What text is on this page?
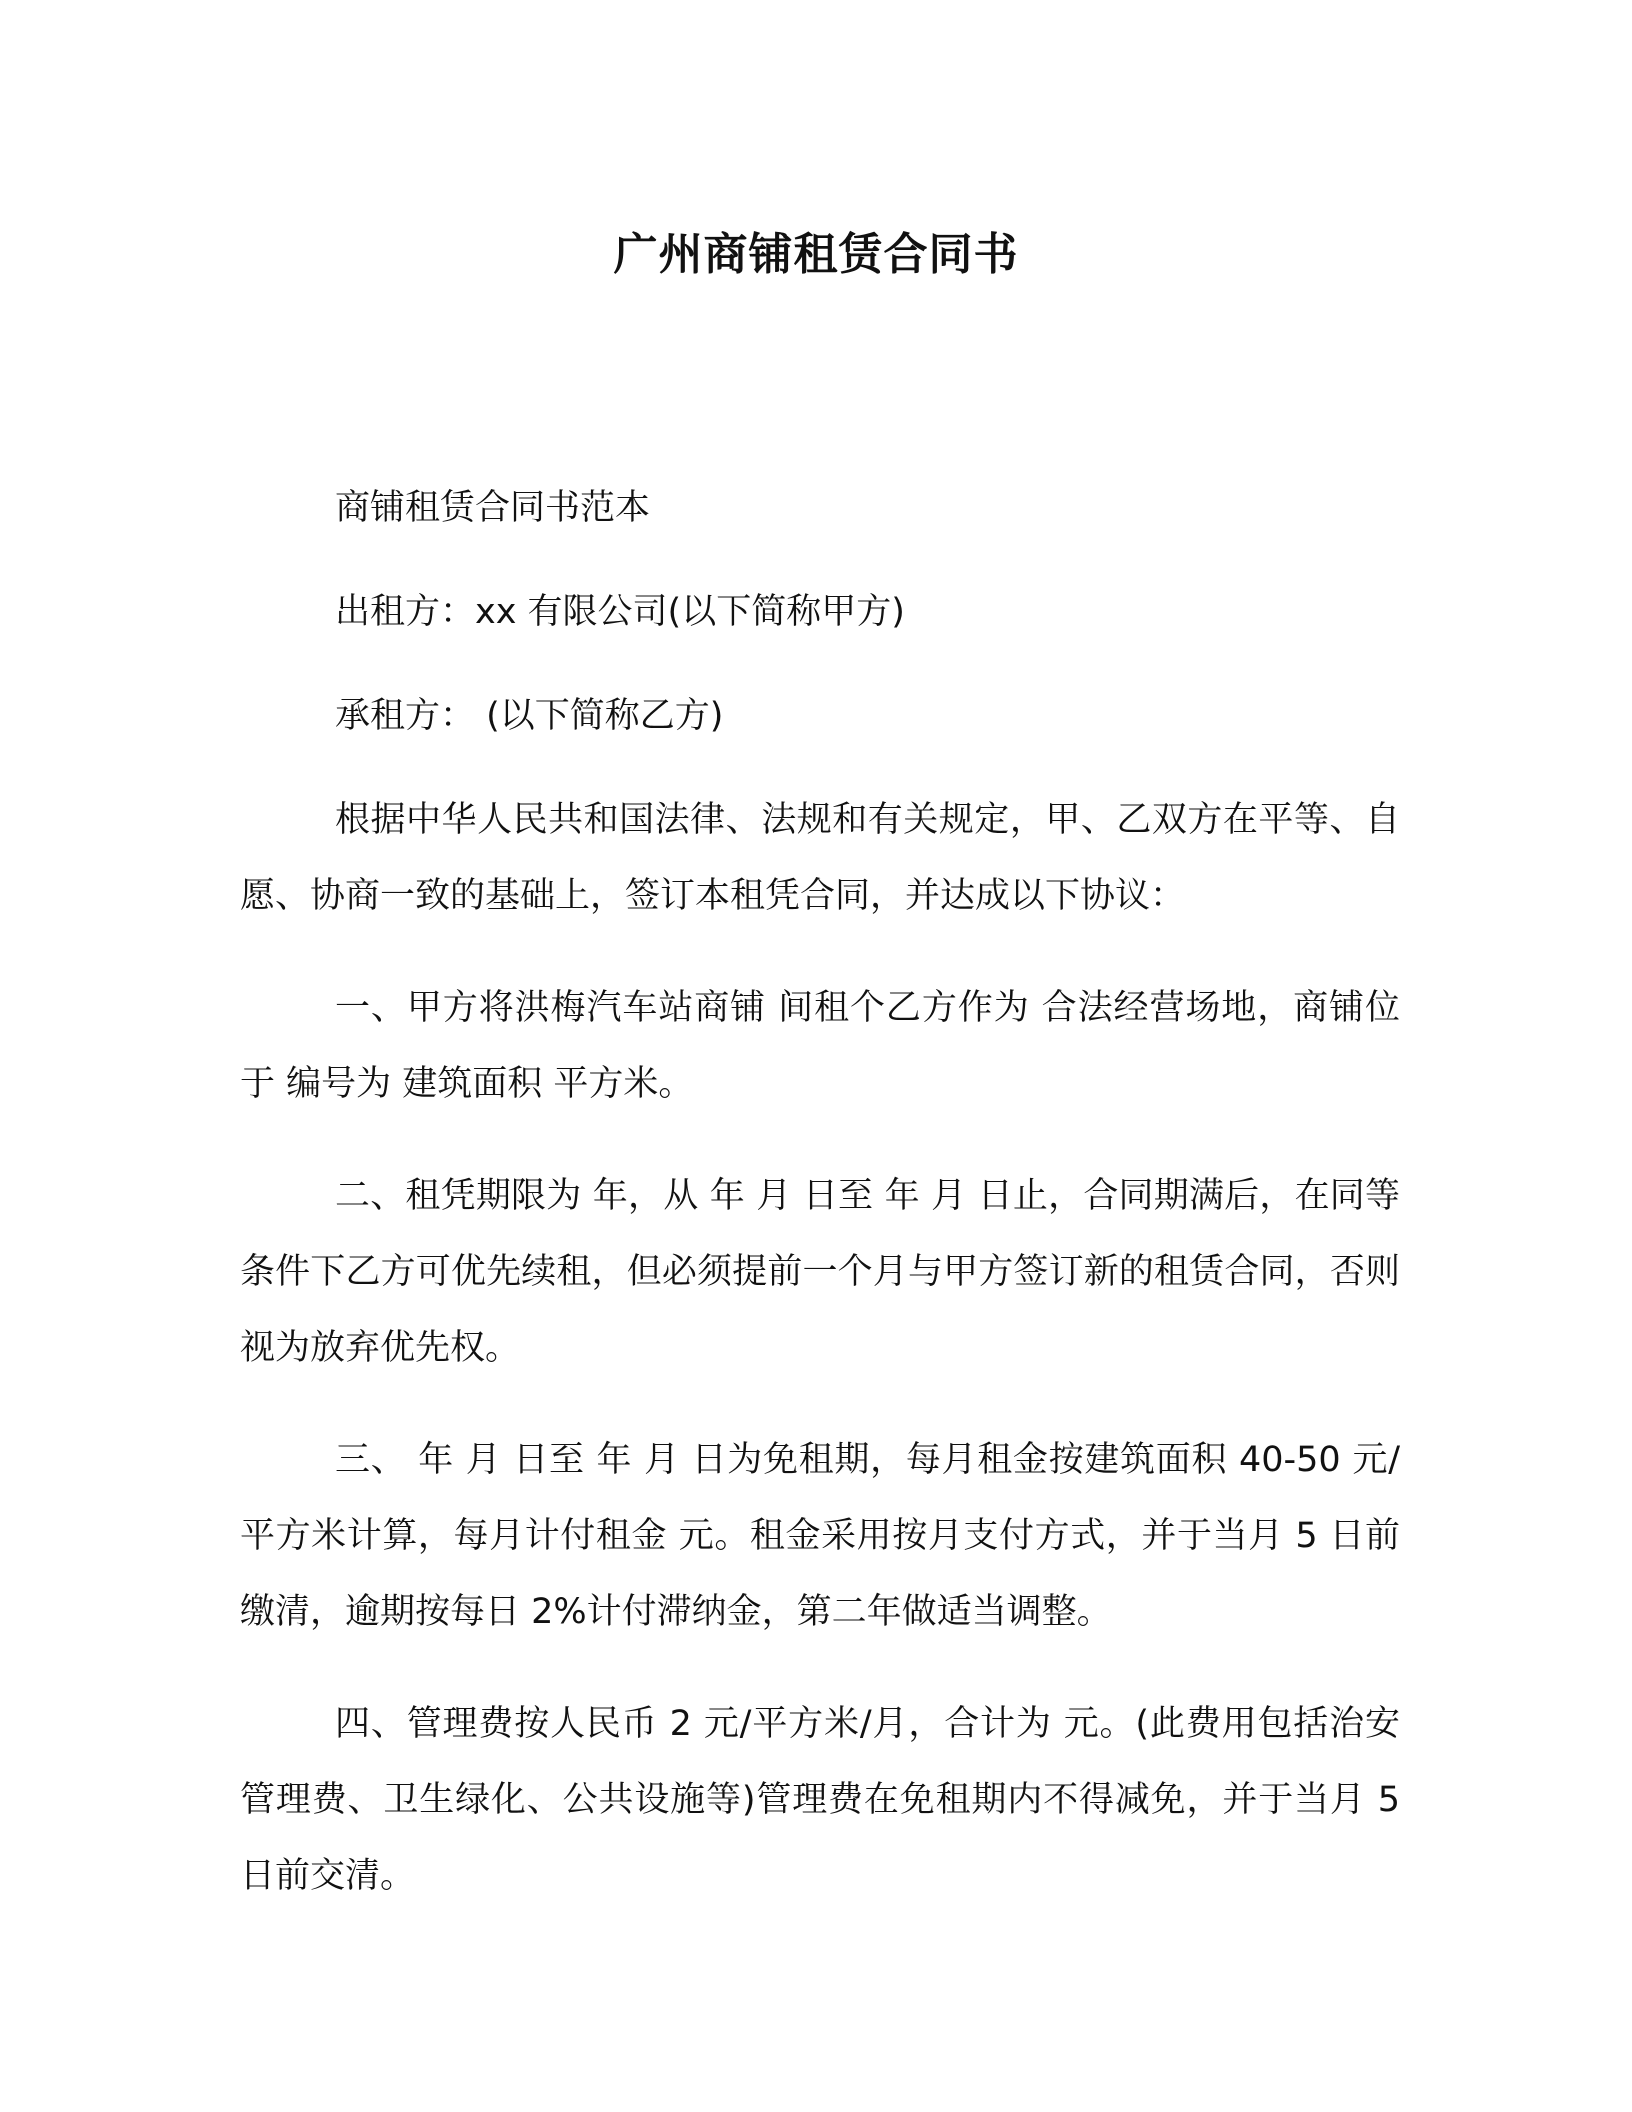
广州商铺租赁合同书

商铺租赁合同书范本

出租方：xx 有限公司(以下简称甲方)

承租方： (以下简称乙方)

根据中华人民共和国法律、法规和有关规定，甲、乙双方在平等、自愿、协商一致的基础上，签订本租凭合同，并达成以下协议：

一、甲方将洪梅汽车站商铺 间租个乙方作为 合法经营场地，商铺位于 编号为 建筑面积 平方米。

二、租凭期限为 年，从 年 月 日至 年 月 日止，合同期满后，在同等条件下乙方可优先续租，但必须提前一个月与甲方签订新的租赁合同，否则视为放弃优先权。

三、 年 月 日至 年 月 日为免租期，每月租金按建筑面积 40-50 元/平方米计算，每月计付租金 元。租金采用按月支付方式，并于当月 5 日前缴清，逾期按每日 2%计付滞纳金，第二年做适当调整。

四、管理费按人民币 2 元/平方米/月，合计为 元。(此费用包括治安管理费、卫生绿化、公共设施等)管理费在免租期内不得减免，并于当月 5 日前交清。
